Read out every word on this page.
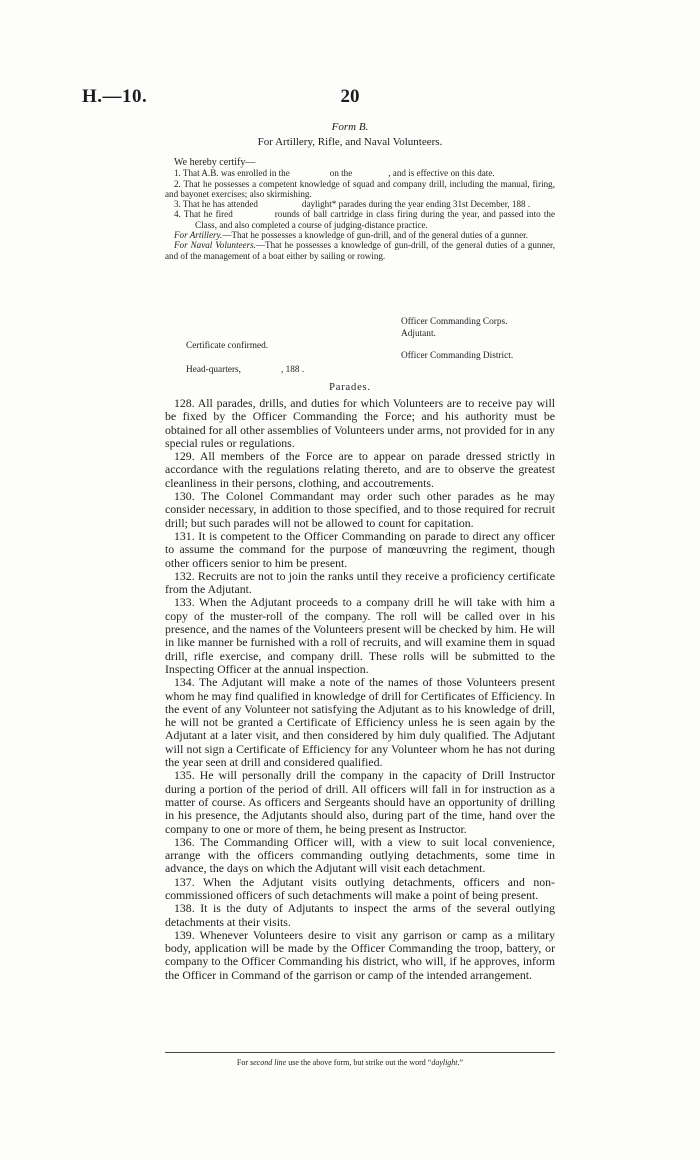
H.—10.	20
Form B.
For Artillery, Rifle, and Naval Volunteers.

We hereby certify—

1. That A.B. was enrolled in the	on the	, and is effective on this date.

2. That he possesses a competent knowledge of squad and company drill, including the manual, firing, and bayonet exercises; also skirmishing.

3. That he has attended	daylight* parades during the year ending 31st December, 188 .

4. That he fired	rounds of ball cartridge in class firing during the year, and passed into theClass, and also completed a course of judging-distance practice.

For Artillery.—That he possesses a knowledge of gun-drill, and of the general duties of a gunner.

For Naval Volunteers.—That he possesses a knowledge of gun-drill, of the general duties of a gunner, and of the management of a boat either by sailing or rowing.

Officer Commanding Corps.
Adjutant.
Certificate confirmed.
Officer Commanding District.
Head-quarters,	, 188 .
Parades.

128. All parades, drills, and duties for which Volunteers are to receive pay will be fixed by the Officer Commanding the Force; and his authority must be obtained for all other assemblies of Volunteers under arms, not provided for in any special rules or regulations.

129. All members of the Force are to appear on parade dressed strictly in accordance with the regulations relating thereto, and are to observe the greatest cleanliness in their persons, clothing, and accoutrements.

130. The Colonel Commandant may order such other parades as he may consider necessary, in addition to those specified, and to those required for recruit drill; but such parades will not be allowed to count for capitation.

131. It is competent to the Officer Commanding on parade to direct any officer to assume the command for the purpose of manœuvring the regiment, though other officers senior to him be present.

132. Recruits are not to join the ranks until they receive a proficiency certificate from the Adjutant.

133. When the Adjutant proceeds to a company drill he will take with him a copy of the muster-roll of the company. The roll will be called over in his presence, and the names of the Volunteers present will be checked by him. He will in like manner be furnished with a roll of recruits, and will examine them in squad drill, rifle exercise, and company drill. These rolls will be submitted to the Inspecting Officer at the annual inspection.

134. The Adjutant will make a note of the names of those Volunteers present whom he may find qualified in knowledge of drill for Certificates of Efficiency. In the event of any Volunteer not satisfying the Adjutant as to his knowledge of drill, he will not be granted a Certificate of Efficiency unless he is seen again by the Adjutant at a later visit, and then considered by him duly qualified. The Adjutant will not sign a Certificate of Efficiency for any Volunteer whom he has not during the year seen at drill and considered qualified.

135. He will personally drill the company in the capacity of Drill Instructor during a portion of the period of drill. All officers will fall in for instruction as a matter of course. As officers and Sergeants should have an opportunity of drilling in his presence, the Adjutants should also, during part of the time, hand over the company to one or more of them, he being present as Instructor.

136. The Commanding Officer will, with a view to suit local convenience, arrange with the officers commanding outlying detachments, some time in advance, the days on which the Adjutant will visit each detachment.

137. When the Adjutant visits outlying detachments, officers and non-commissioned officers of such detachments will make a point of being present.

138. It is the duty of Adjutants to inspect the arms of the several outlying detachments at their visits.

139. Whenever Volunteers desire to visit any garrison or camp as a military body, application will be made by the Officer Commanding the troop, battery, or company to the Officer Commanding his district, who will, if he approves, inform the Officer in Command of the garrison or camp of the intended arrangement.

For second line use the above form, but strike out the word “daylight.”
